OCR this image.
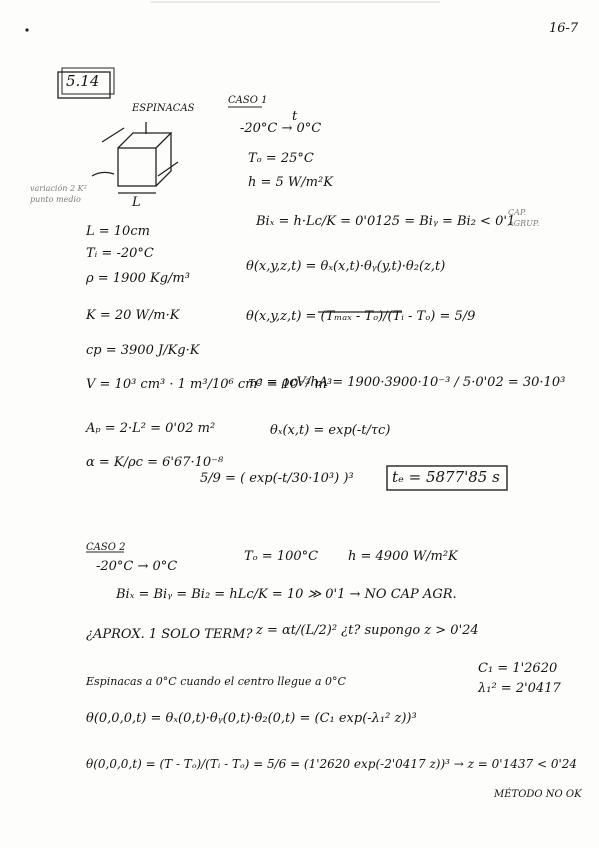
16-7
5.14
ESPINACAS
variación 2 K² punto medio	L
L = 10cm
Tᵢ = -20°C
ρ = 1900 Kg/m³
K = 20 W/m·K
cp = 3900 J/Kg·K
CASO 1
t
-20°C → 0°C
Tₒ = 25°C
h = 5 W/m²K
Biₓ = h·Lc/K = 0'0125 = Biᵧ = Bi₂ < 0'1
CAP. AGRUP.
θ(x,y,z,t) = θₓ(x,t)·θᵧ(y,t)·θ₂(z,t)
θ(x,y,z,t) = (Tₘₐₓ - Tₒ)/(Tᵢ - Tₒ) = 5/9
V = 10³ cm³ · 1 m³/10⁶ cm³ = 10⁻³ m³
τc = ρcV/hA = 1900·3900·10⁻³ / 5·0'02 = 30·10³
Aₚ = 2·L² = 0'02 m²	θₓ(x,t) = exp(-t/τc)
α = K/ρc = 6'67·10⁻⁸
5/9 = ( exp(-t/30·10³) )³	tₑ = 5877'85 s
CASO 2
-20°C → 0°C
Tₒ = 100°C h = 4900 W/m²K
Biₓ = Biᵧ = Bi₂ = hLc/K = 10 ≫ 0'1 → NO CAP AGR.
¿APROX. 1 SOLO TERM? z = αt/(L/2)² ¿t? supongo z > 0'24
C₁ = 1'2620
λ₁² = 2'0417
Espinacas a 0°C cuando el centro llegue a 0°C
θ(0,0,0,t) = θₓ(0,t)·θᵧ(0,t)·θ₂(0,t) = (C₁ exp(-λ₁² z))³
θ(0,0,0,t) = (T - Tₒ)/(Tᵢ - Tₒ) = 5/6 = (1'2620 exp(-2'0417 z))³ → z = 0'1437 < 0'24
MÉTODO NO OK
